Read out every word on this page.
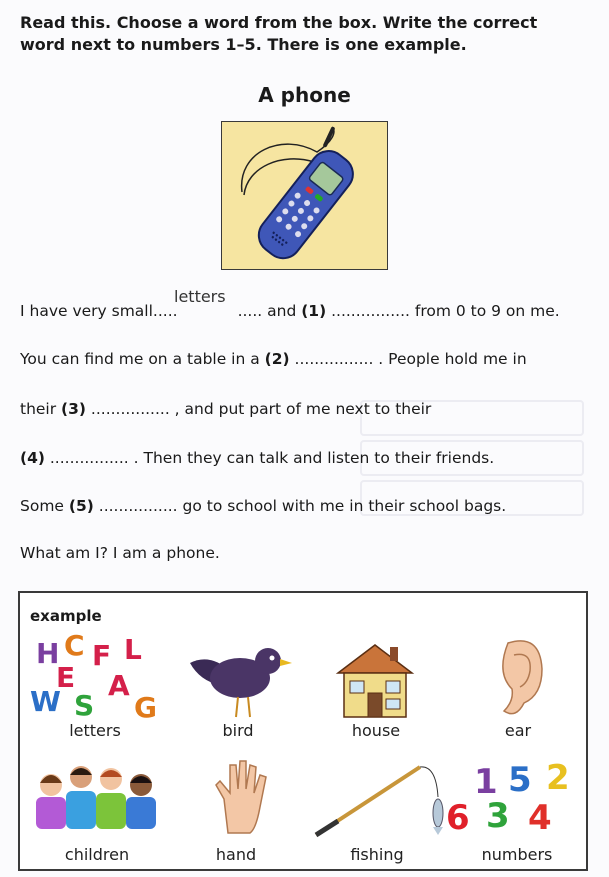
Read this. Choose a word from the box. Write the correct word next to numbers 1–5. There is one example.
A phone
I have very small.....	..... and (1) ................ from 0 to 9 on me.
letters
You can find me on a table in a (2) ................ . People hold me in
their (3) ................ , and put part of me next to their
(4) ................ . Then they can talk and listen to their friends.
Some (5) ................ go to school with me in their school bags.
What am I? I am a phone.
example
H C F L
E A
W S G
1 5 2
6 3 4
letters	bird	house	ear
children	hand	fishing	numbers
